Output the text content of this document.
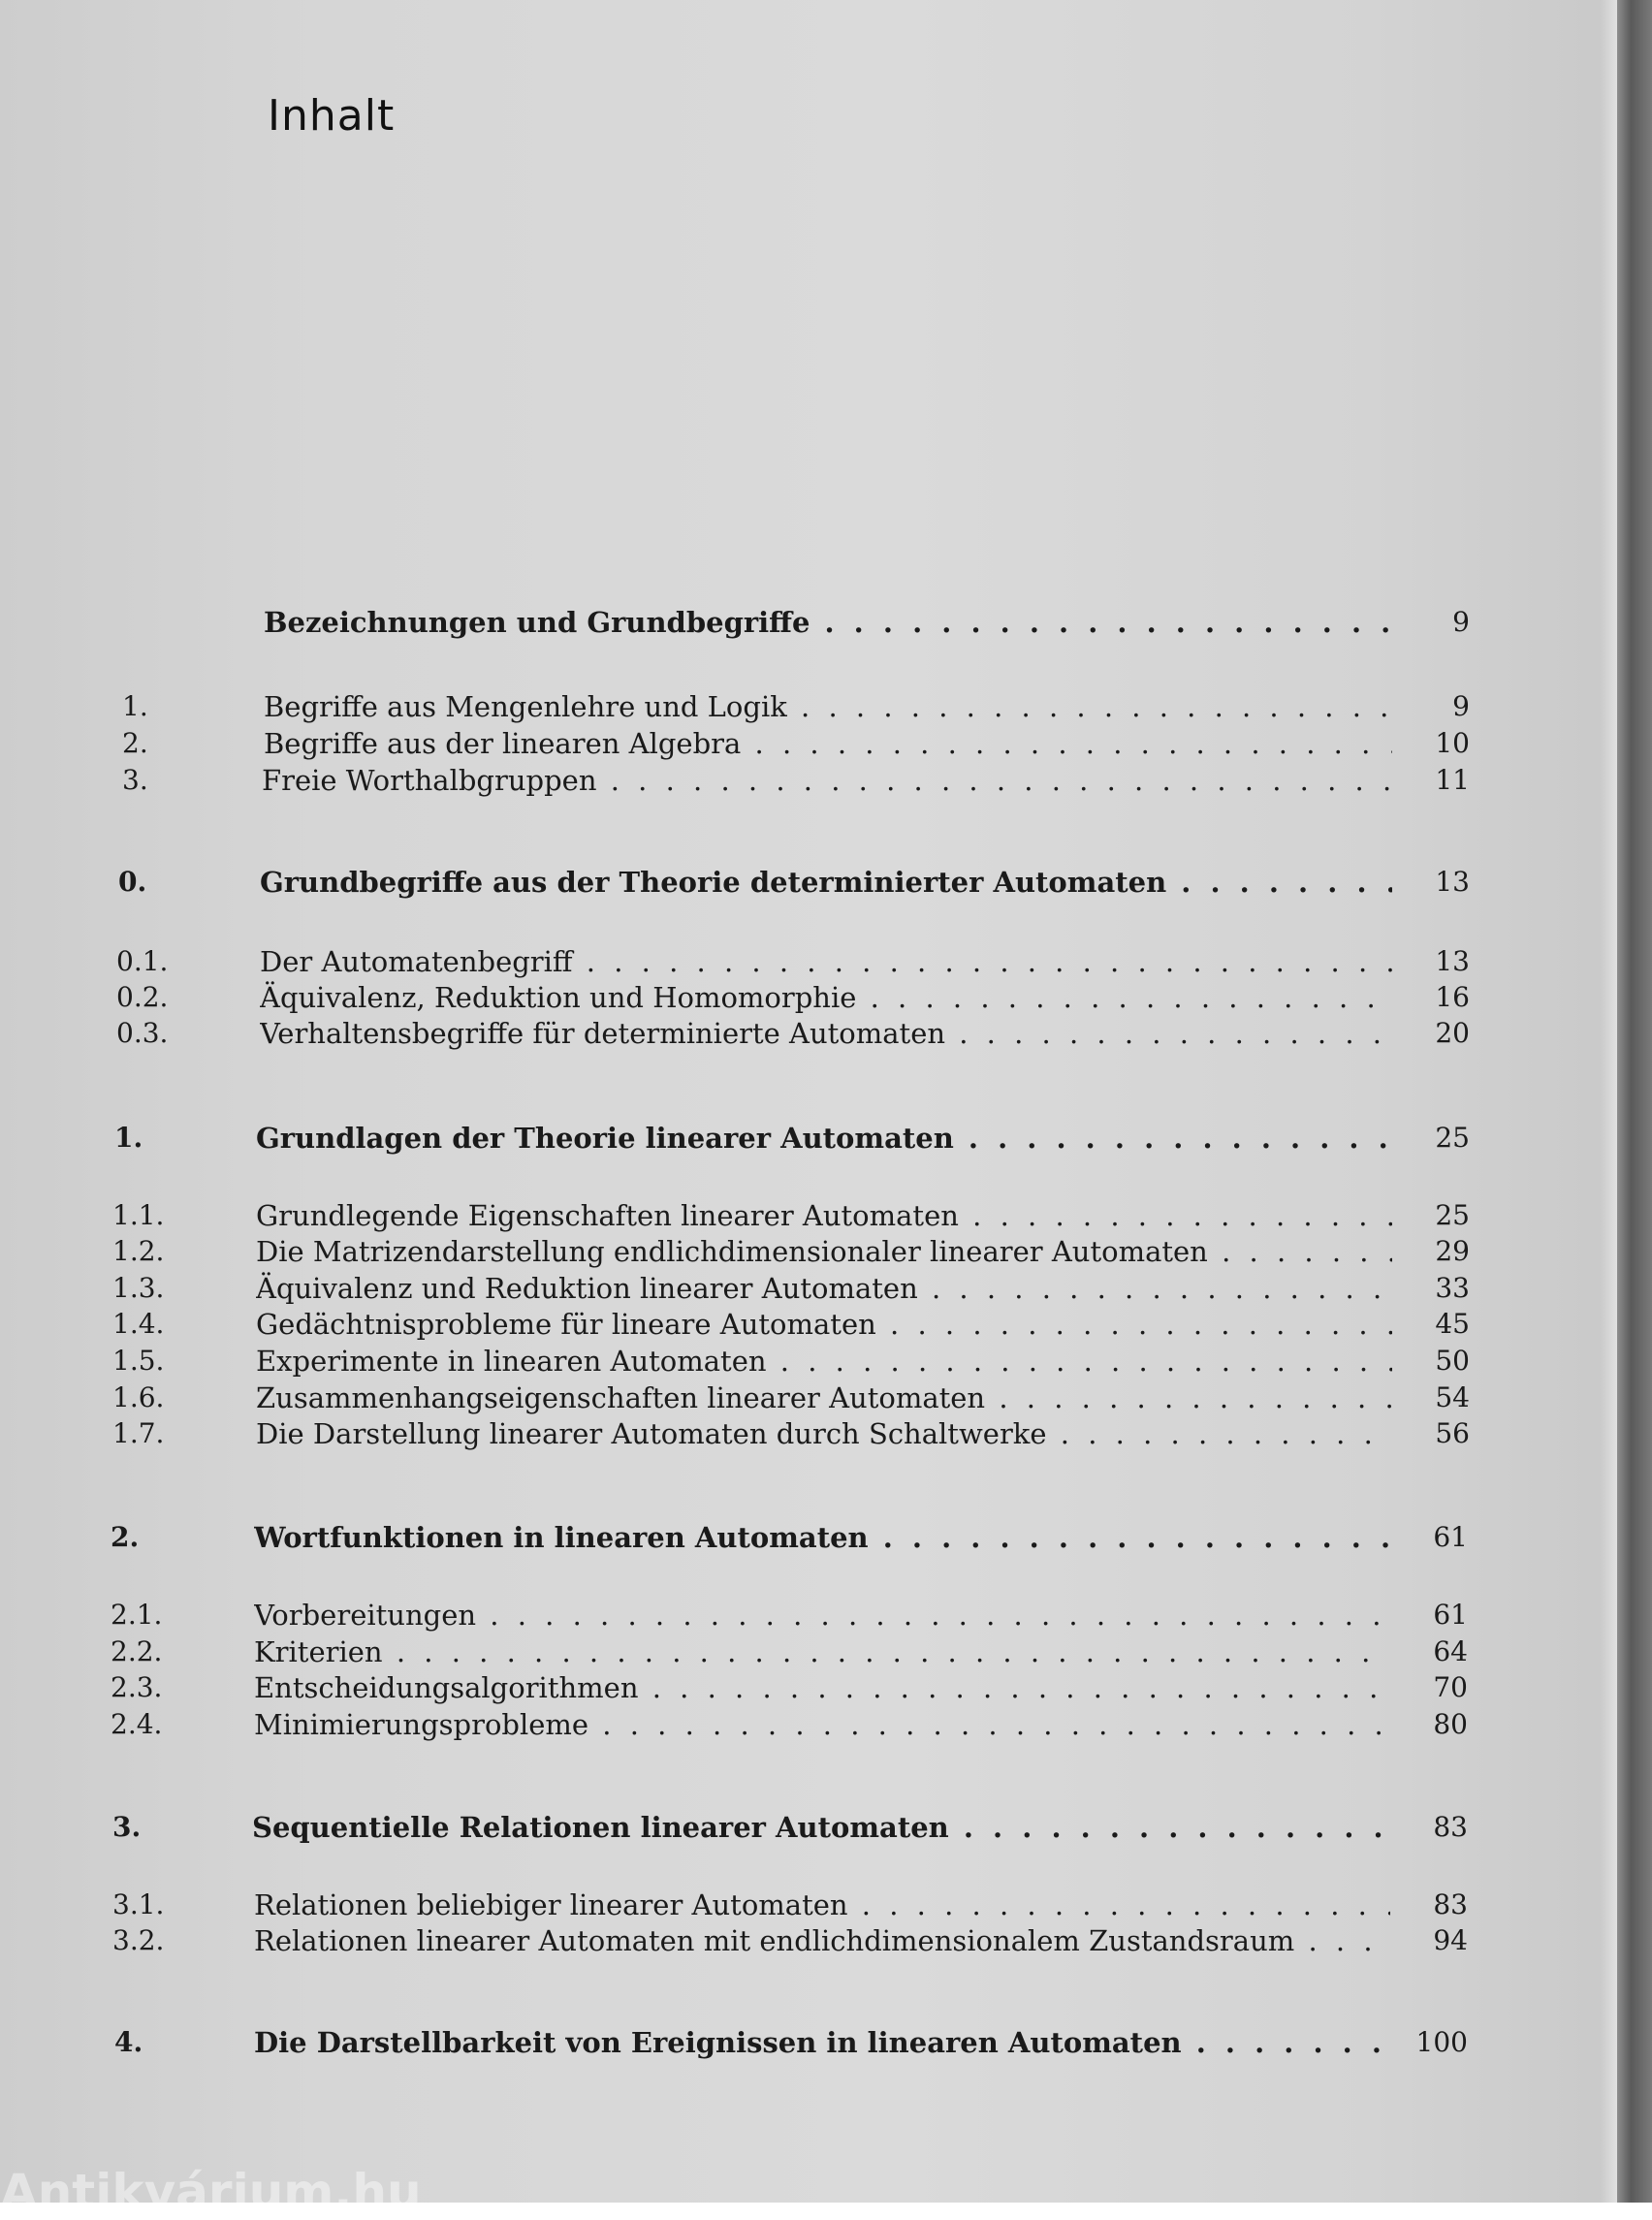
Inhalt
Bezeichnungen und Grundbegriffe . . .	9
1.	Begriffe aus Mengenlehre und Logik . . .	9
2.	Begriffe aus der linearen Algebra . . .	10
3.	Freie Worthalbgruppen . . .	11
0.	Grundbegriffe aus der Theorie determinierter Automaten . . .	13
0.1.	Der Automatenbegriff . . .	13
0.2.	Äquivalenz, Reduktion und Homomorphie . . .	16
0.3.	Verhaltensbegriffe für determinierte Automaten . . .	20
1.	Grundlagen der Theorie linearer Automaten . . .	25
1.1.	Grundlegende Eigenschaften linearer Automaten . . .	25
1.2.	Die Matrizendarstellung endlichdimensionaler linearer Automaten . . .	29
1.3.	Äquivalenz und Reduktion linearer Automaten . . .	33
1.4.	Gedächtnisprobleme für lineare Automaten . . .	45
1.5.	Experimente in linearen Automaten . . .	50
1.6.	Zusammenhangseigenschaften linearer Automaten . . .	54
1.7.	Die Darstellung linearer Automaten durch Schaltwerke . . .	56
2.	Wortfunktionen in linearen Automaten . . .	61
2.1.	Vorbereitungen . . .	61
2.2.	Kriterien . . .	64
2.3.	Entscheidungsalgorithmen . . .	70
2.4.	Minimierungsprobleme . . .	80
3.	Sequentielle Relationen linearer Automaten . . .	83
3.1.	Relationen beliebiger linearer Automaten . . .	83
3.2.	Relationen linearer Automaten mit endlichdimensionalem Zustandsraum . . .	94
4.	Die Darstellbarkeit von Ereignissen in linearen Automaten . . .	100
Antikvárium.hu
